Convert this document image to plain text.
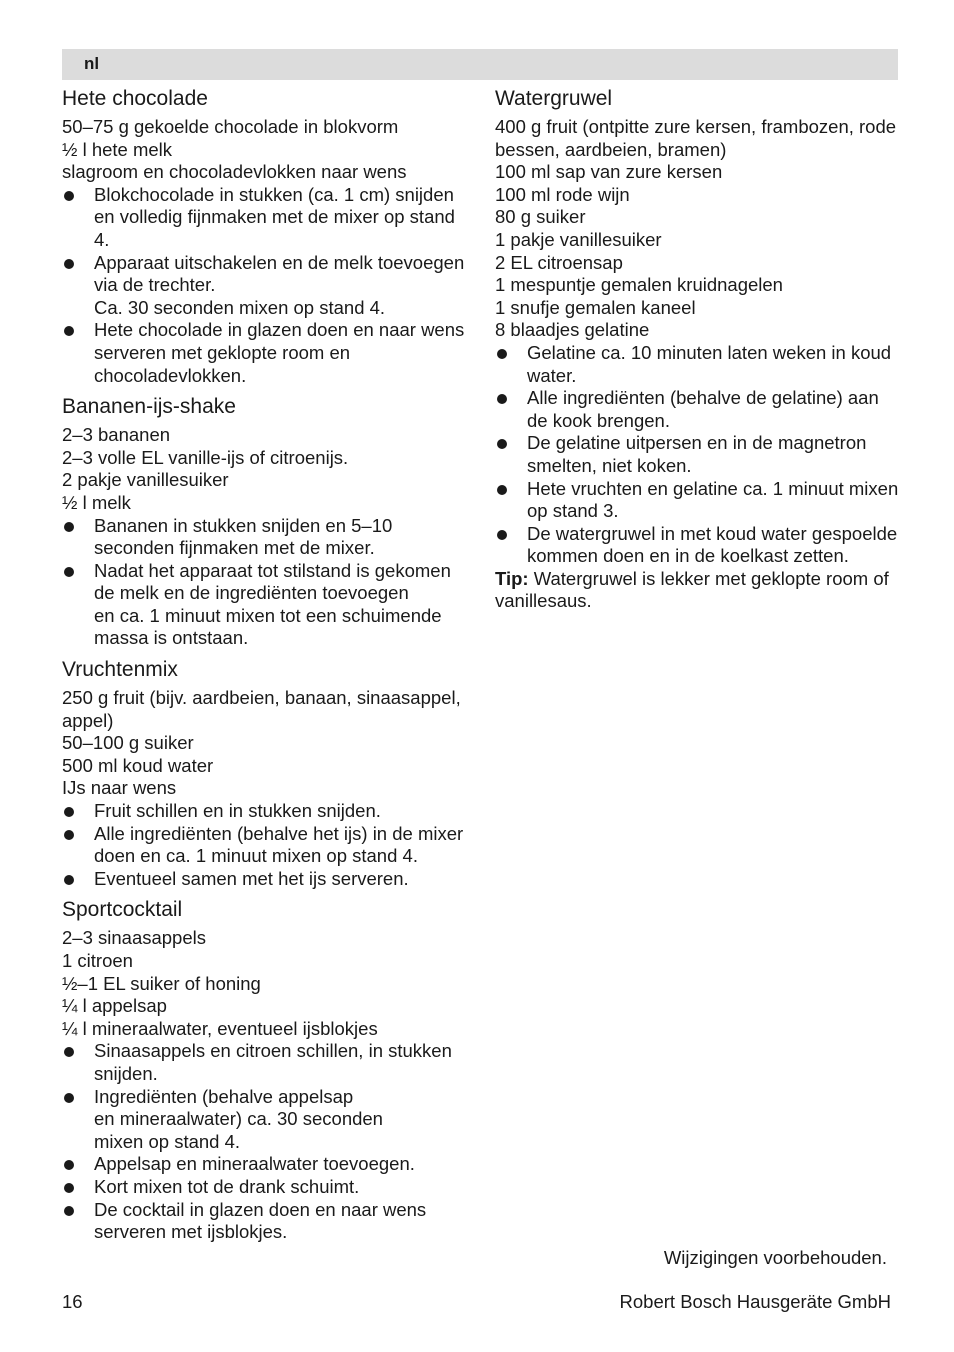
nl
Hete chocolade
50–75 g gekoelde chocolade in blokvorm
½ l hete melk
slagroom en chocoladevlokken naar wens
Blokchocolade in stukken (ca. 1 cm) snijden en volledig fijnmaken met de mixer op stand 4.
Apparaat uitschakelen en de melk toevoegen via de trechter.
Ca. 30 seconden mixen op stand 4.
Hete chocolade in glazen doen en naar wens serveren met geklopte room en chocoladevlokken.
Bananen-ijs-shake
2–3 bananen
2–3 volle EL vanille-ijs of citroenijs.
2 pakje vanillesuiker
½ l melk
Bananen in stukken snijden en 5–10 seconden fijnmaken met de mixer.
Nadat het apparaat tot stilstand is gekomen de melk en de ingrediënten toevoegen
en ca. 1 minuut mixen tot een schuimende massa is ontstaan.
Vruchtenmix
250 g fruit (bijv. aardbeien, banaan, sinaasappel, appel)
50–100 g suiker
500 ml koud water
IJs naar wens
Fruit schillen en in stukken snijden.
Alle ingrediënten (behalve het ijs) in de mixer doen en ca. 1 minuut mixen op stand 4.
Eventueel samen met het ijs serveren.
Sportcocktail
2–3 sinaasappels
1 citroen
½–1 EL suiker of honing
¼ l appelsap
¼ l mineraalwater, eventueel ijsblokjes
Sinaasappels en citroen schillen, in stukken snijden.
Ingrediënten (behalve appelsap
en mineraalwater) ca. 30 seconden
mixen op stand 4.
Appelsap en mineraalwater toevoegen.
Kort mixen tot de drank schuimt.
De cocktail in glazen doen en naar wens serveren met ijsblokjes.
Watergruwel
400 g fruit (ontpitte zure kersen, frambozen, rode bessen, aardbeien, bramen)
100 ml sap van zure kersen
100 ml rode wijn
80 g suiker
1 pakje vanillesuiker
2 EL citroensap
1 mespuntje gemalen kruidnagelen
1 snufje gemalen kaneel
8 blaadjes gelatine
Gelatine ca. 10 minuten laten weken in koud water.
Alle ingrediënten (behalve de gelatine) aan de kook brengen.
De gelatine uitpersen en in de magnetron smelten, niet koken.
Hete vruchten en gelatine ca. 1 minuut mixen op stand 3.
De watergruwel in met koud water gespoelde kommen doen en in de koelkast zetten.
Tip: Watergruwel is lekker met geklopte room of vanillesaus.
Wijzigingen voorbehouden.
16	Robert Bosch Hausgeräte GmbH
